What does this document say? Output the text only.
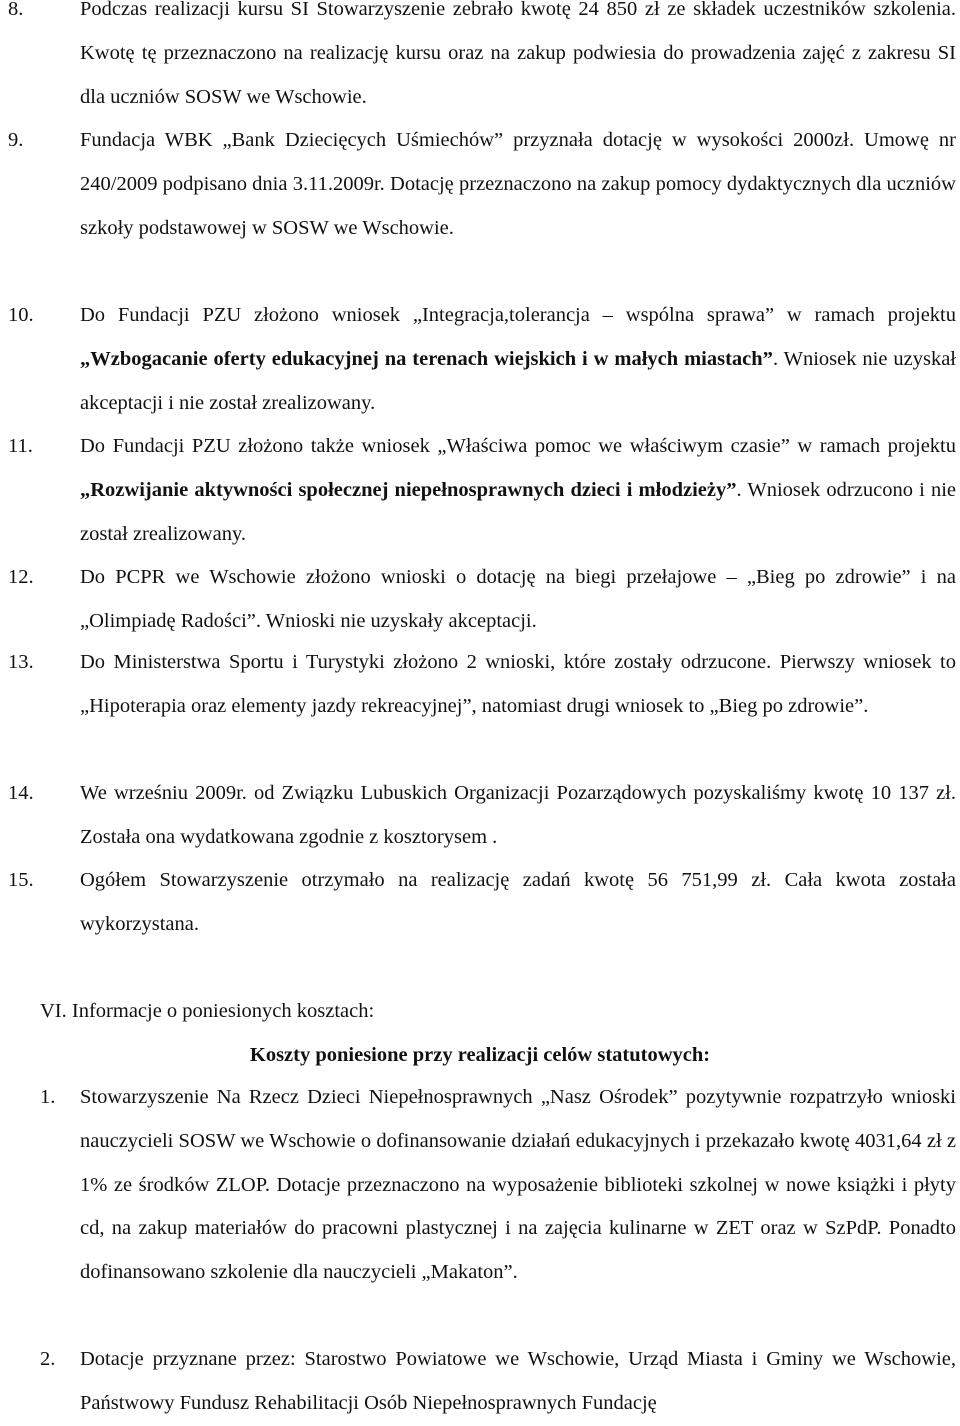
8.	Podczas realizacji kursu SI Stowarzyszenie zebrało kwotę 24 850 zł ze składek uczestników szkolenia. Kwotę tę przeznaczono na realizację kursu oraz na zakup podwiesia do prowadzenia zajęć z zakresu SI dla uczniów SOSW we Wschowie.
9.	Fundacja WBK „Bank Dziecięcych Uśmiechów” przyznała dotację w wysokości 2000zł. Umowę nr 240/2009 podpisano dnia 3.11.2009r. Dotację przeznaczono na zakup pomocy dydaktycznych dla uczniów szkoły podstawowej w SOSW we Wschowie.
10.	Do Fundacji PZU złożono wniosek „Integracja,tolerancja – wspólna sprawa” w ramach projektu „Wzbogacanie oferty edukacyjnej na terenach wiejskich i w małych miastach”. Wniosek nie uzyskał akceptacji i nie został zrealizowany.
11.	Do Fundacji PZU złożono także wniosek „Właściwa pomoc we właściwym czasie” w ramach projektu „Rozwijanie aktywności społecznej niepełnosprawnych dzieci i młodzieży”. Wniosek odrzucono i nie został zrealizowany.
12.	Do PCPR we Wschowie złożono wnioski o dotację na biegi przełajowe – „Bieg po zdrowie” i na „Olimpiadę Radości”. Wnioski nie uzyskały akceptacji.
13.	Do Ministerstwa Sportu i Turystyki złożono 2 wnioski, które zostały odrzucone. Pierwszy wniosek to „Hipoterapia oraz elementy jazdy rekreacyjnej”, natomiast drugi wniosek to „Bieg po zdrowie”.
14.	We wrześniu 2009r. od Związku Lubuskich Organizacji Pozarządowych pozyskaliśmy kwotę 10 137 zł. Została ona wydatkowana zgodnie z kosztorysem .
15.	Ogółem Stowarzyszenie otrzymało na realizację zadań kwotę 56 751,99 zł. Cała kwota została wykorzystana.
VI. Informacje o poniesionych kosztach:
Koszty poniesione przy realizacji celów statutowych:
1.	Stowarzyszenie Na Rzecz Dzieci Niepełnosprawnych „Nasz Ośrodek” pozytywnie rozpatrzyło wnioski nauczycieli SOSW we Wschowie o dofinansowanie działań edukacyjnych i przekazało kwotę 4031,64 zł z 1% ze środków ZLOP. Dotacje przeznaczono na wyposażenie biblioteki szkolnej w nowe książki i płyty cd, na zakup materiałów do pracowni plastycznej i na zajęcia kulinarne w ZET oraz w SzPdP. Ponadto dofinansowano szkolenie dla nauczycieli „Makaton”.
2.	Dotacje przyznane przez: Starostwo Powiatowe we Wschowie, Urząd Miasta i Gminy we Wschowie, Państwowy Fundusz Rehabilitacji Osób Niepełnosprawnych Fundację
